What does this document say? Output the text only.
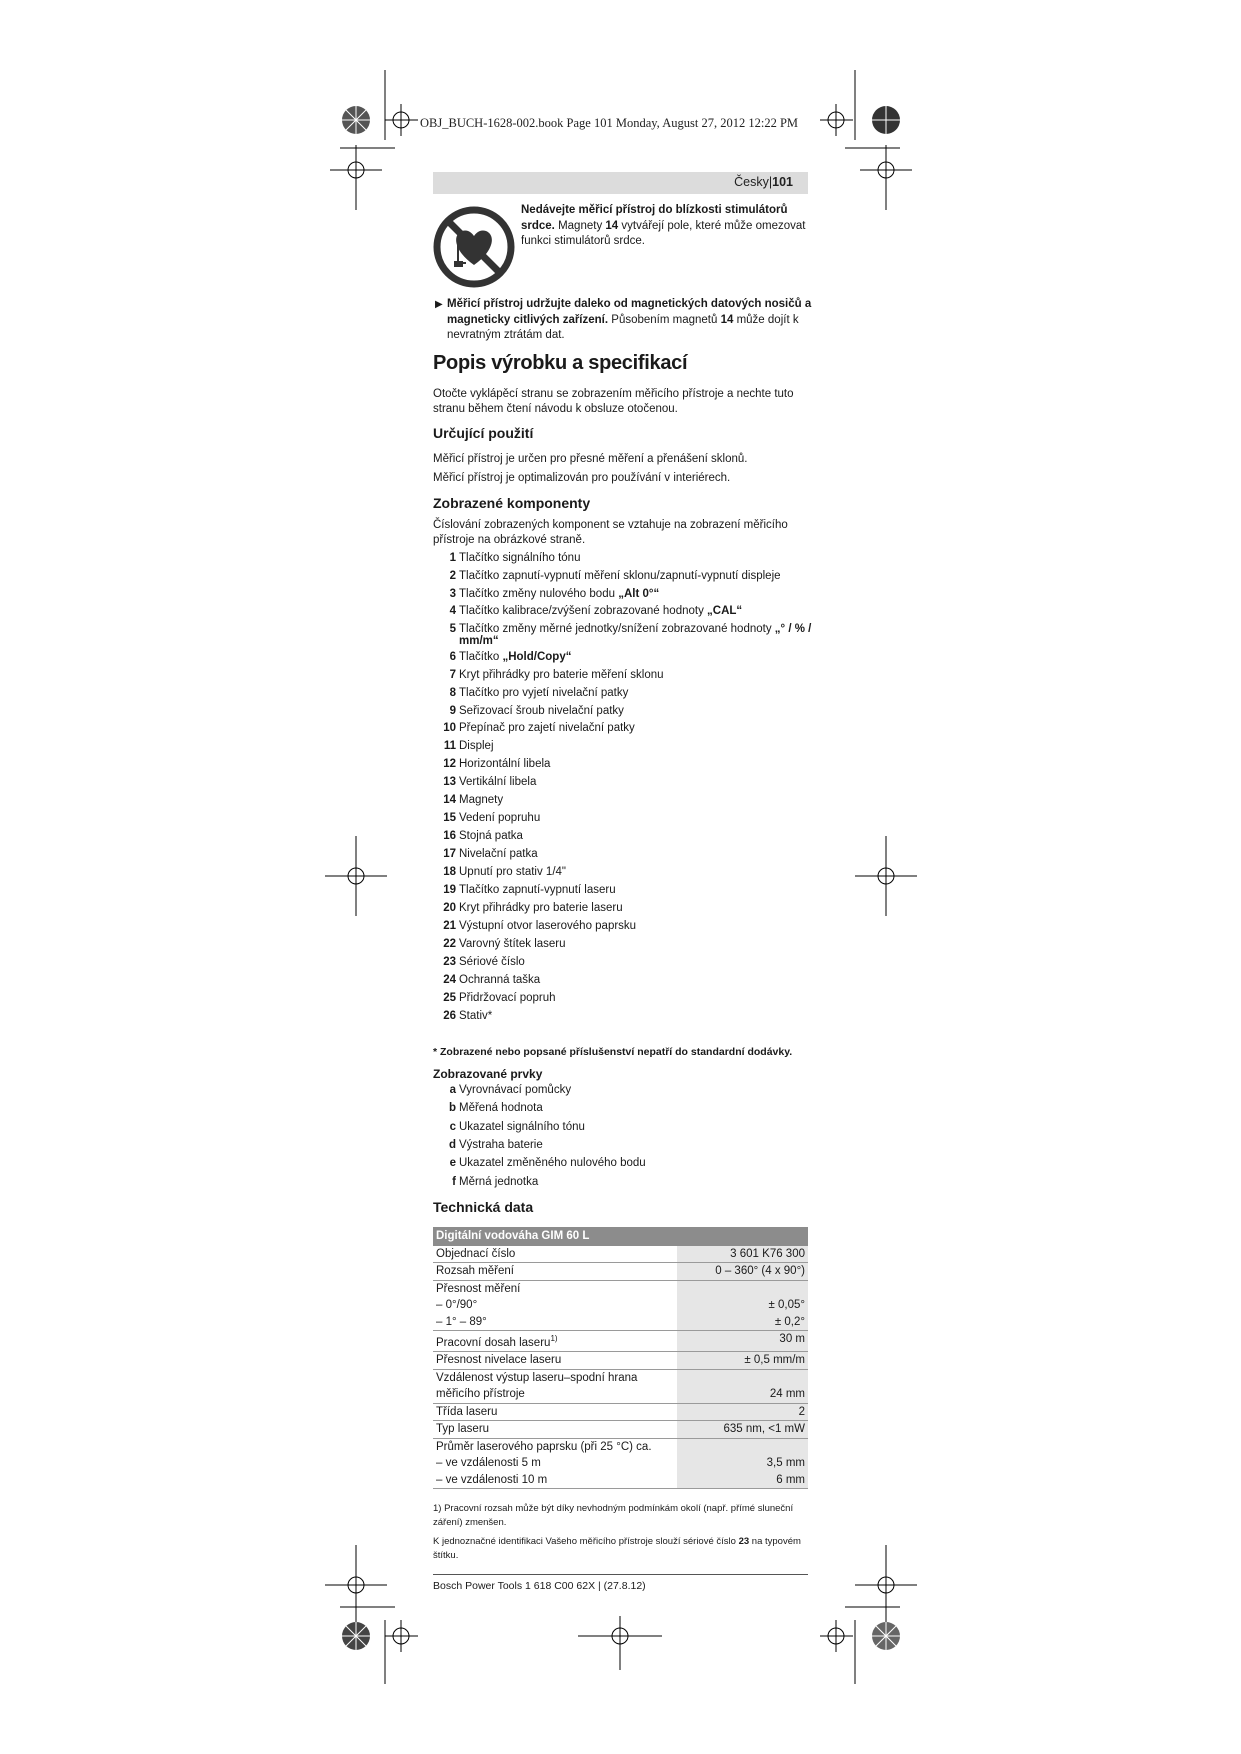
OBJ_BUCH-1628-002.book Page 101 Monday, August 27, 2012 12:22 PM
Česky|101
Nedávejte měřicí přístroj do blízkosti stimulátorů srdce. Magnety 14 vytvářejí pole, které může omezovat funkci stimulátorů srdce.
▶ Měřicí přístroj udržujte daleko od magnetických datových nosičů a magneticky citlivých zařízení. Působením magnetů 14 může dojít k nevratným ztrátám dat.
Popis výrobku a specifikací

Otočte vyklápěcí stranu se zobrazením měřicího přístroje a nechte tuto stranu během čtení návodu k obsluze otočenou.

Určující použití

Měřicí přístroj je určen pro přesné měření a přenášení sklonů.

Měřicí přístroj je optimalizován pro používání v interiérech.

Zobrazené komponenty

Číslování zobrazených komponent se vztahuje na zobrazení měřicího přístroje na obrázkové straně.

1 Tlačítko signálního tónu
2 Tlačítko zapnutí-vypnutí měření sklonu/zapnutí-vypnutí displeje
3 Tlačítko změny nulového bodu „Alt 0°“
4 Tlačítko kalibrace/zvýšení zobrazované hodnoty „CAL“
5 Tlačítko změny měrné jednotky/snížení zobrazované hodnoty „° / % /
mm/m“
6 Tlačítko „Hold/Copy“
7 Kryt přihrádky pro baterie měření sklonu
8 Tlačítko pro vyjetí nivelační patky
9 Seřizovací šroub nivelační patky
10 Přepínač pro zajetí nivelační patky
11 Displej
12 Horizontální libela
13 Vertikální libela
14 Magnety
15 Vedení popruhu
16 Stojná patka
17 Nivelační patka
18 Upnutí pro stativ 1/4"
19 Tlačítko zapnutí-vypnutí laseru
20 Kryt přihrádky pro baterie laseru
21 Výstupní otvor laserového paprsku
22 Varovný štítek laseru
23 Sériové číslo
24 Ochranná taška
25 Přidržovací popruh
26 Stativ*
* Zobrazené nebo popsané příslušenství nepatří do standardní dodávky.
Zobrazované prvky
a Vyrovnávací pomůcky
b Měřená hodnota
c Ukazatel signálního tónu
d Výstraha baterie
e Ukazatel změněného nulového bodu
f Měrná jednotka
Technická data
Digitální vodováha GIM 60 L	
Objednací číslo	3 601 K76 300
Rozsah měření	0 – 360° (4 x 90°)
Přesnost měření	
– 0°/90°	± 0,05°
– 1° – 89°	± 0,2°
Pracovní dosah laseru$^{1)}$	30 m
Přesnost nivelace laseru	± 0,5 mm/m
Vzdálenost výstup laseru–spodní hrana	
měřicího přístroje	24 mm
Třída laseru	2
Typ laseru	635 nm, <1 mW
Průměr laserového paprsku (při 25 °C) ca.	
– ve vzdálenosti 5 m	3,5 mm
– ve vzdálenosti 10 m	6 mm

1) Pracovní rozsah může být díky nevhodným podmínkám okolí (např. přímé sluneční záření) zmenšen.

K jednoznačné identifikaci Vašeho měřicího přístroje slouží sériové číslo 23 na typovém štítku.

Bosch Power Tools 1 618 C00 62X | (27.8.12)
